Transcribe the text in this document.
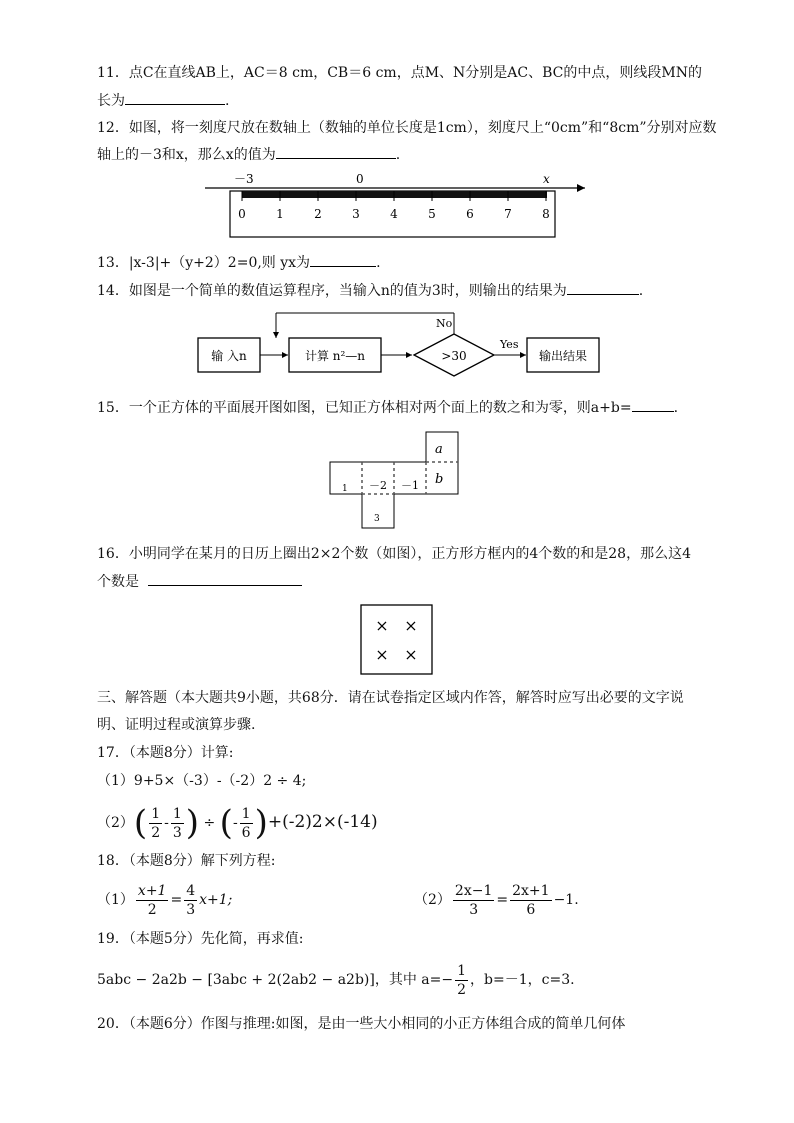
11．点C在直线AB上，AC＝8 cm，CB＝6 cm，点M、N分别是AC、BC的中点，则线段MN的
长为	.
12．如图，将一刻度尺放在数轴上（数轴的单位长度是1cm），刻度尺上“0cm”和“8cm”分别对应数
轴上的－3和x，那么x的值为	.
0	1	2	3	4	5	6	7	8
－3	0	x
13．|x-3|+（y+2）2=0,则 yx为	.
14．如图是一个简单的数值运算程序，当输入n的值为3时，则输出的结果为	.
输 入n	计算 n²—n	>30
No
Yes
输出结果
15．一个正方体的平面展开图如图，已知正方体相对两个面上的数之和为零，则a+b=	.
a
b
1 －2 －1
3
16．小明同学在某月的日历上圈出2×2个数（如图），正方形方框内的4个数的和是28，那么这4
个数是
× ×
× ×
三、解答题（本大题共9小题，共68分．请在试卷指定区域内作答，解答时应写出必要的文字说
明、证明过程或演算步骤.
17．（本题8分）计算:
（1）9+5×（-3）-（-2）2 ÷ 4;
$(2)( \frac{1}{2} - \frac{1}{3}$ ) ÷ (- $\frac{1}{6} )+(-2)2\times(-14)$
18．（本题8分）解下列方程:
$(1) \frac{x+1}{2} = \frac{4}{3} x+1$;	$(2) \frac{2x-1}{3} = \frac{2x+1}{6} -1$.
19．（本题5分）先化简，再求值:
5abc − 2a2b − [3abc + 2(2ab2 − a2b)]，其中 $a=- \frac{1}{2}$ ，b=－1，c=3.
20．（本题6分）作图与推理:如图，是由一些大小相同的小正方体组合成的简单几何体
